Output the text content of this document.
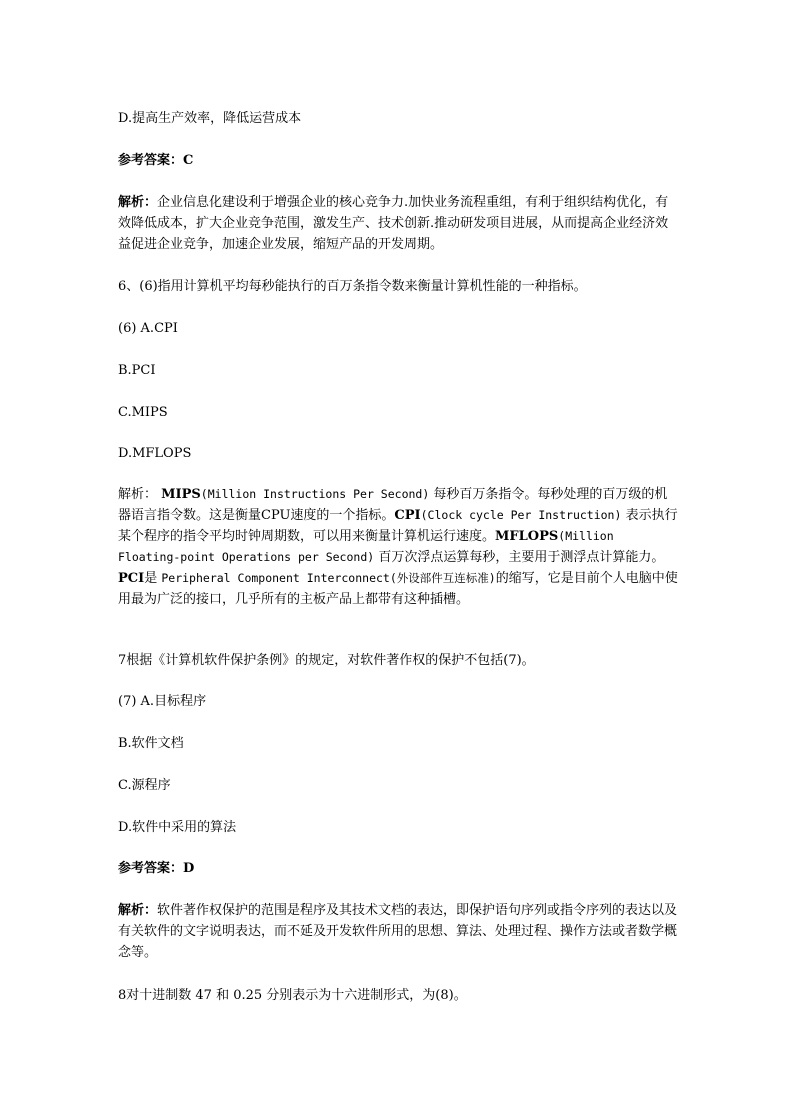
D.提高生产效率，降低运营成本
参考答案：C
解析：企业信息化建设利于增强企业的核心竞争力.加快业务流程重组，有利于组织结构优化，有效降低成本，扩大企业竞争范围，激发生产、技术创新.推动研发项目进展，从而提高企业经济效益促进企业竞争，加速企业发展，缩短产品的开发周期。
6、(6)指用计算机平均每秒能执行的百万条指令数来衡量计算机性能的一种指标。
(6) A.CPI
B.PCI
C.MIPS
D.MFLOPS
解析： MIPS(Million Instructions Per Second) 每秒百万条指令。每秒处理的百万级的机器语言指令数。这是衡量CPU速度的一个指标。CPI(Clock cycle Per Instruction) 表示执行某个程序的指令平均时钟周期数，可以用来衡量计算机运行速度。MFLOPS(Million Floating-point Operations per Second) 百万次浮点运算每秒，主要用于测浮点计算能力。PCI是 Peripheral Component Interconnect(外设部件互连标准)的缩写，它是目前个人电脑中使用最为广泛的接口，几乎所有的主板产品上都带有这种插槽。
7根据《计算机软件保护条例》的规定，对软件著作权的保护不包括(7)。
(7) A.目标程序
B.软件文档
C.源程序
D.软件中采用的算法
参考答案：D
解析：软件著作权保护的范围是程序及其技术文档的表达，即保护语句序列或指令序列的表达以及有关软件的文字说明表达，而不延及开发软件所用的思想、算法、处理过程、操作方法或者数学概念等。
8对十进制数 47 和 0.25 分别表示为十六进制形式，为(8)。
